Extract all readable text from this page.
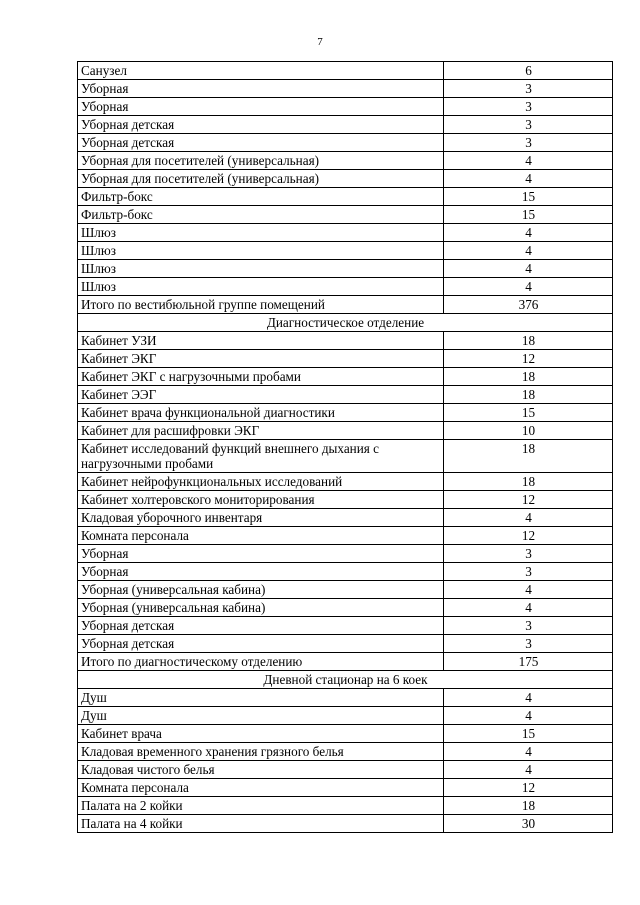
7
Санузел	6
Уборная	3
Уборная	3
Уборная детская	3
Уборная детская	3
Уборная для посетителей (универсальная)	4
Уборная для посетителей (универсальная)	4
Фильтр-бокс	15
Фильтр-бокс	15
Шлюз	4
Шлюз	4
Шлюз	4
Шлюз	4
Итого по вестибюльной группе помещений	376
Диагностическое отделение	
Кабинет УЗИ	18
Кабинет ЭКГ	12
Кабинет ЭКГ с нагрузочными пробами	18
Кабинет ЭЭГ	18
Кабинет врача функциональной диагностики	15
Кабинет для расшифровки ЭКГ	10
Кабинет исследований функций внешнего дыхания с нагрузочными пробами	18
Кабинет нейрофункциональных исследований	18
Кабинет холтеровского мониторирования	12
Кладовая уборочного инвентаря	4
Комната персонала	12
Уборная	3
Уборная	3
Уборная (универсальная кабина)	4
Уборная (универсальная кабина)	4
Уборная детская	3
Уборная детская	3
Итого по диагностическому отделению	175
Дневной стационар на 6 коек	
Душ	4
Душ	4
Кабинет врача	15
Кладовая временного хранения грязного белья	4
Кладовая чистого белья	4
Комната персонала	12
Палата на 2 койки	18
Палата на 4 койки	30
